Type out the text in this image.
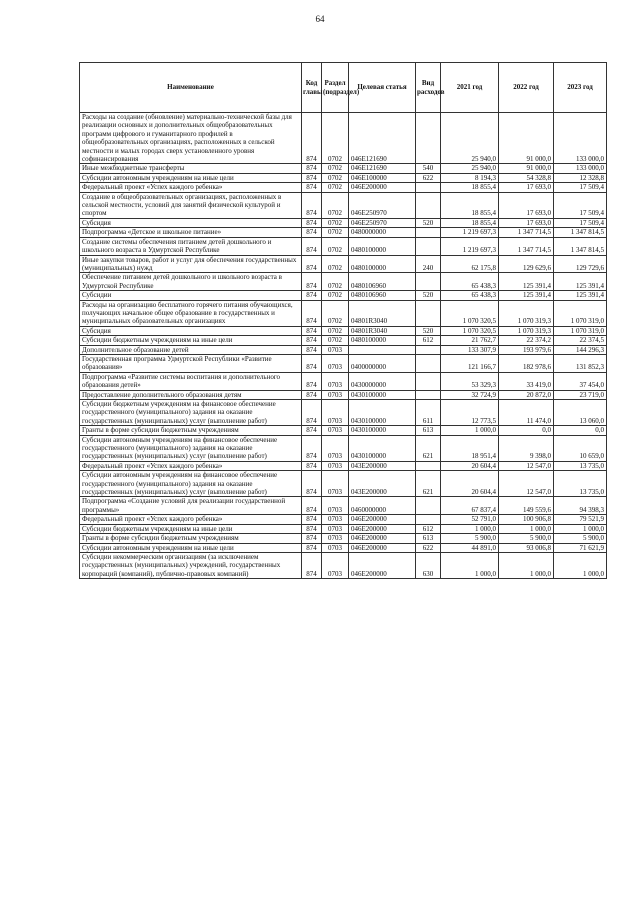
64
Наименование	Код главы	Раздел (подраздел)	Целевая статья	Вид расходов	2021 год	2022 год	2023 год
Расходы на создание (обновление) материально-технической базы для реализации основных и дополнительных общеобразовательных программ цифрового и гуманитарного профилей в общеобразовательных организациях, расположенных в сельской местности и малых городах сверх установленного уровня софинансирования	874	0702	046E121690		25 940,0	91 000,0	133 000,0
Иные межбюджетные трансферты	874	0702	046E121690	540	25 940,0	91 000,0	133 000,0
Субсидии автономным учреждениям на иные цели	874	0702	046E100000	622	8 194,3	54 328,8	12 328,8
Федеральный проект «Успех каждого ребенка»	874	0702	046E200000		18 855,4	17 693,0	17 509,4
Создание в общеобразовательных организациях, расположенных в сельской местности, условий для занятий физической культурой и спортом	874	0702	046E250970		18 855,4	17 693,0	17 509,4
Субсидия	874	0702	046E250970	520	18 855,4	17 693,0	17 509,4
Подпрограмма «Детское и школьное питание»	874	0702	0480000000		1 219 697,3	1 347 714,5	1 347 814,5
Создание системы обеспечения питанием детей дошкольного и школьного возраста в Удмуртской Республике	874	0702	0480100000		1 219 697,3	1 347 714,5	1 347 814,5
Иные закупки товаров, работ и услуг для обеспечения государственных (муниципальных) нужд	874	0702	0480100000	240	62 175,8	129 629,6	129 729,6
Обеспечение питанием детей дошкольного и школьного возраста в Удмуртской Республике	874	0702	0480106960		65 438,3	125 391,4	125 391,4
Субсидии	874	0702	0480106960	520	65 438,3	125 391,4	125 391,4
Расходы на организацию бесплатного горячего питания обучающихся, получающих начальное общее образование в государственных и муниципальных образовательных организациях	874	0702	04801R3040		1 070 320,5	1 070 319,3	1 070 319,0
Субсидия	874	0702	04801R3040	520	1 070 320,5	1 070 319,3	1 070 319,0
Субсидии бюджетным учреждениям на иные цели	874	0702	0480100000	612	21 762,7	22 374,2	22 374,5
Дополнительное образование детей	874	0703			133 307,9	193 979,6	144 296,3
Государственная программа Удмуртской Республики «Развитие образования»	874	0703	0400000000		121 166,7	182 978,6	131 852,3
Подпрограмма «Развитие системы воспитания и дополнительного образования детей»	874	0703	0430000000		53 329,3	33 419,0	37 454,0
Предоставление дополнительного образования детям	874	0703	0430100000		32 724,9	20 872,0	23 719,0
Субсидии бюджетным учреждениям на финансовое обеспечение государственного (муниципального) задания на оказание государственных (муниципальных) услуг (выполнение работ)	874	0703	0430100000	611	12 773,5	11 474,0	13 060,0
Гранты в форме субсидии бюджетным учреждениям	874	0703	0430100000	613	1 000,0	0,0	0,0
Субсидии автономным учреждениям на финансовое обеспечение государственного (муниципального) задания на оказание государственных (муниципальных) услуг (выполнение работ)	874	0703	0430100000	621	18 951,4	9 398,0	10 659,0
Федеральный проект «Успех каждого ребенка»	874	0703	043E200000		20 604,4	12 547,0	13 735,0
Субсидии автономным учреждениям на финансовое обеспечение государственного (муниципального) задания на оказание государственных (муниципальных) услуг (выполнение работ)	874	0703	043E200000	621	20 604,4	12 547,0	13 735,0
Подпрограмма «Создание условий для реализации государственной программы»	874	0703	0460000000		67 837,4	149 559,6	94 398,3
Федеральный проект «Успех каждого ребенка»	874	0703	046E200000		52 791,0	100 906,8	79 521,9
Субсидии бюджетным учреждениям на иные цели	874	0703	046E200000	612	1 000,0	1 000,0	1 000,0
Гранты в форме субсидии бюджетным учреждениям	874	0703	046E200000	613	5 900,0	5 900,0	5 900,0
Субсидии автономным учреждениям на иные цели	874	0703	046E200000	622	44 891,0	93 006,8	71 621,9
Субсидии некоммерческим организациям (за исключением государственных (муниципальных) учреждений, государственных корпораций (компаний), публично-правовых компаний)	874	0703	046E200000	630	1 000,0	1 000,0	1 000,0
